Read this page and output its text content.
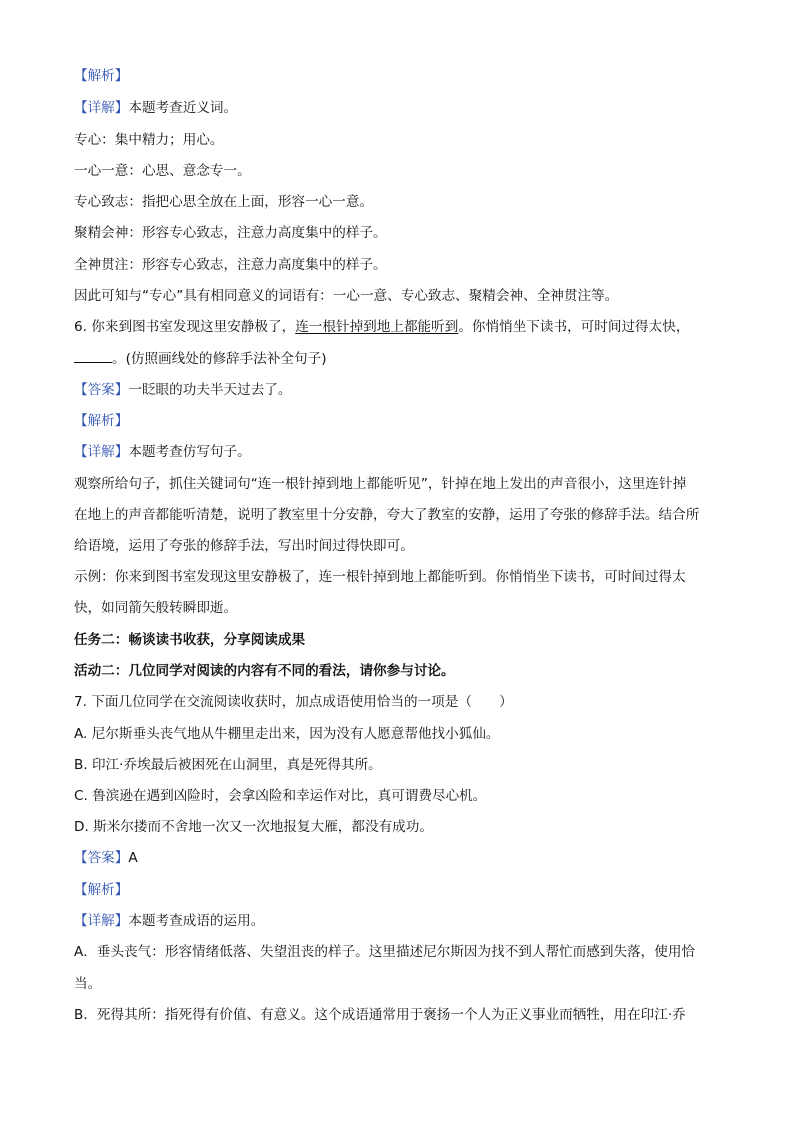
【解析】
【详解】本题考查近义词。
专心：集中精力；用心。
一心一意：心思、意念专一。
专心致志：指把心思全放在上面，形容一心一意。
聚精会神：形容专心致志，注意力高度集中的样子。
全神贯注：形容专心致志，注意力高度集中的样子。
因此可知与“专心”具有相同意义的词语有：一心一意、专心致志、聚精会神、全神贯注等。
6. 你来到图书室发现这里安静极了，连一根针掉到地上都能听到。你悄悄坐下读书，可时间过得太快，
。(仿照画线处的修辞手法补全句子)
【答案】一眨眼的功夫半天过去了。
【解析】
【详解】本题考查仿写句子。
观察所给句子，抓住关键词句“连一根针掉到地上都能听见”，针掉在地上发出的声音很小，这里连针掉
在地上的声音都能听清楚，说明了教室里十分安静，夸大了教室的安静，运用了夸张的修辞手法。结合所
给语境，运用了夸张的修辞手法，写出时间过得快即可。
示例：你来到图书室发现这里安静极了，连一根针掉到地上都能听到。你悄悄坐下读书，可时间过得太
快，如同箭矢般转瞬即逝。
任务二：畅谈读书收获，分享阅读成果
活动二：几位同学对阅读的内容有不同的看法，请你参与讨论。
7. 下面几位同学在交流阅读收获时，加点成语使用恰当的一项是（　　）
A. 尼尔斯垂头丧气地从牛棚里走出来，因为没有人愿意帮他找小狐仙。
B. 印江·乔埃最后被困死在山洞里，真是死得其所。
C. 鲁滨逊在遇到凶险时，会拿凶险和幸运作对比，真可谓费尽心机。
D. 斯米尔搂而不舍地一次又一次地报复大雁，都没有成功。
【答案】A
【解析】
【详解】本题考查成语的运用。
A．垂头丧气：形容情绪低落、失望沮丧的样子。这里描述尼尔斯因为找不到人帮忙而感到失落，使用恰
当。
B．死得其所：指死得有价值、有意义。这个成语通常用于褒扬一个人为正义事业而牺牲，用在印江·乔
